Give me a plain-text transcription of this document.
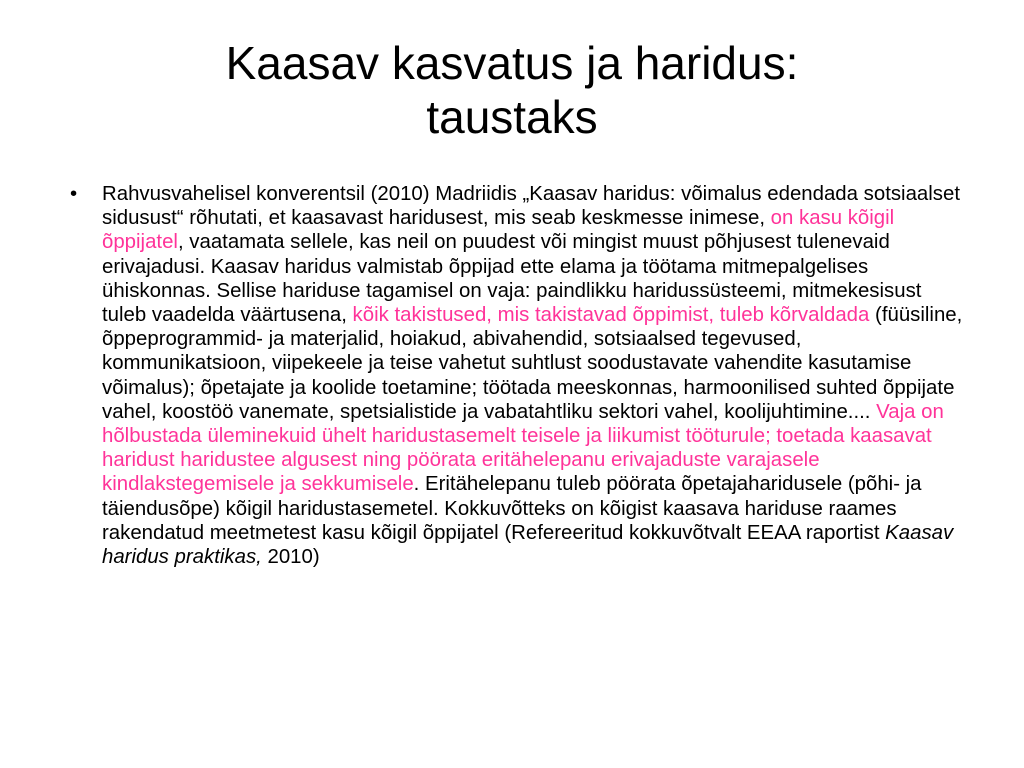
Kaasav kasvatus ja haridus:
taustaks
• Rahvusvahelisel konverentsil (2010) Madriidis „Kaasav haridus: võimalus edendada sotsiaalset sidusust“ rõhutati, et kaasavast haridusest, mis seab keskmesse inimese, on kasu kõigil õppijatel, vaatamata sellele, kas neil on puudest või mingist muust põhjusest tulenevaid erivajadusi. Kaasav haridus valmistab õppijad ette elama ja töötama mitmepalgelises ühiskonnas. Sellise hariduse tagamisel on vaja: paindlikku haridussüsteemi, mitmekesisust tuleb vaadelda väärtusena, kõik takistused, mis takistavad õppimist, tuleb kõrvaldada (füüsiline, õppeprogrammid- ja materjalid, hoiakud, abivahendid, sotsiaalsed tegevused, kommunikatsioon, viipekeele ja teise vahetut suhtlust soodustavate vahendite kasutamise võimalus); õpetajate ja koolide toetamine; töötada meeskonnas, harmoonilised suhted õppijate vahel, koostöö vanemate, spetsialistide ja vabatahtliku sektori vahel, koolijuhtimine.... Vaja on hõlbustada üleminekuid ühelt haridustasemelt teisele ja liikumist tööturule; toetada kaasavat haridust haridustee algusest ning pöörata eritähelepanu erivajaduste varajasele kindlakstegemisele ja sekkumisele. Eritähelepanu tuleb pöörata õpetajaharidusele (põhi- ja täiendusõpe) kõigil haridustasemetel. Kokkuvõtteks on kõigist kaasava hariduse raames rakendatud meetmetest kasu kõigil õppijatel (Refereeritud kokkuvõtvalt EEAA raportist Kaasav haridus praktikas, 2010)
